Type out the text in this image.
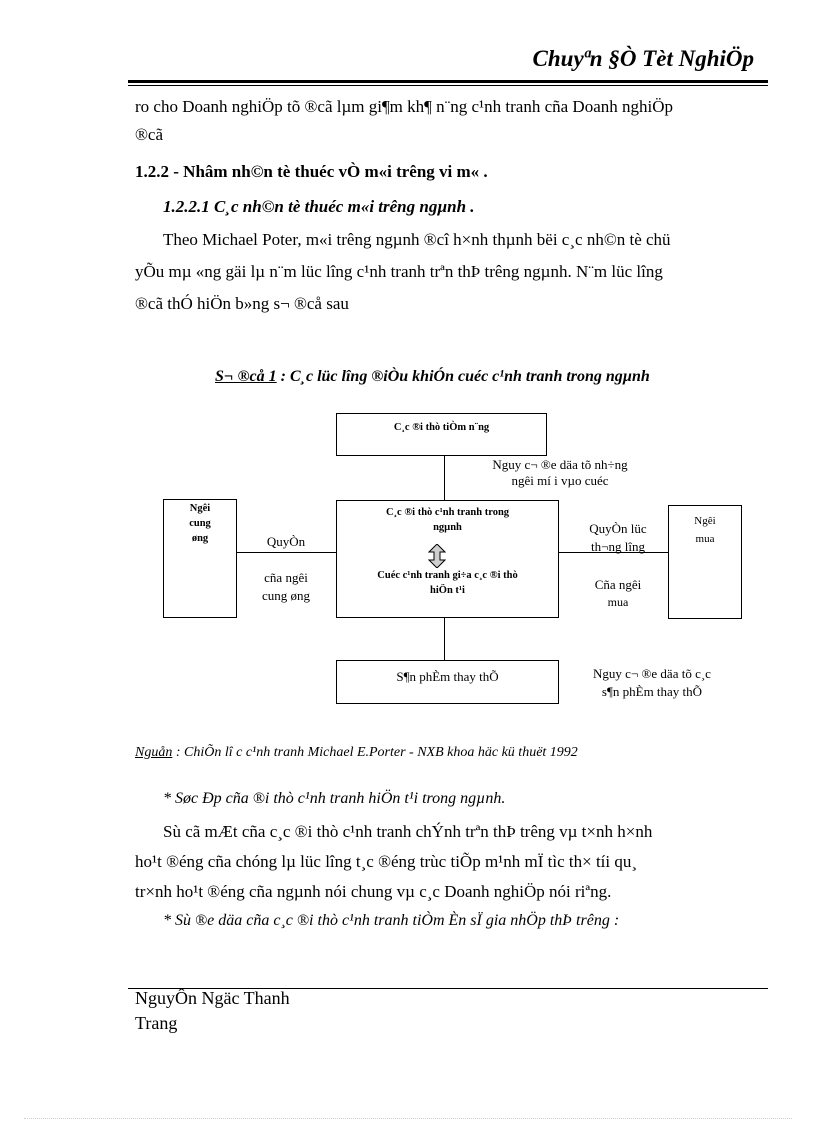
Chuyªn §Ò Tèt NghiÖp
ro cho Doanh nghiÖp tõ ®cã lµm gi¶m kh¶ n¨ng c¹nh tranh cña Doanh nghiÖp
®cã
1.2.2 - Nhâm nh©n tè thuéc vÒ m«i trêng vi m« .
1.2.2.1 C¸c nh©n tè thuéc m«i trêng ngµnh .
Theo Michael Poter, m«i trêng ngµnh ®cî h×nh thµnh bëi c¸c nh©n tè chü
yÕu mµ «ng gäi lµ n¨m lüc lîng c¹nh tranh trªn thÞ trêng ngµnh. N¨m lüc lîng
®cã thÓ hiÖn b»ng s¬ ®cå sau
S¬ ®cå 1 : C¸c lüc lîng ®iÒu khiÓn cuéc c¹nh tranh trong ngµnh
C¸c ®i thò tiÒm n¨ng
Nguy c¬ ®e däa tõ nh÷ng
ngêi mí i vµo cuéc
C¸c ®i thò c¹nh tranh trong
ngµnh
Cuéc c¹nh tranh gi÷a c¸c ®i thò
hiÖn t¹i
Ngêi
cung
øng	QuyÒn
cña ngêi
cung øng
Ngêi
mua
QuyÒn lüc
th¬ng lîng
Cña ngêi
mua
S¶n phÈm thay thÕ	Nguy c¬ ®e däa tõ c¸c
s¶n phÈm thay thÕ
Nguån : ChiÕn lî c c¹nh tranh Michael E.Porter - NXB khoa häc kü thuët 1992
* Søc Ðp cña ®i thò c¹nh tranh hiÖn t¹i trong ngµnh.
Sù cã mÆt cña c¸c ®i thò c¹nh tranh chÝnh trªn thÞ trêng vµ t×nh h×nh
ho¹t ®éng cña chóng lµ lüc lîng t¸c ®éng trùc tiÕp m¹nh mÏ tìc th× tíi qu¸
tr×nh ho¹t ®éng cña ngµnh nói chung vµ c¸c Doanh nghiÖp nói riªng.
* Sù ®e däa cña c¸c ®i thò c¹nh tranh tiÒm Èn sÏ gia nhÖp thÞ trêng :
NguyÔn Ngäc Thanh
Trang
